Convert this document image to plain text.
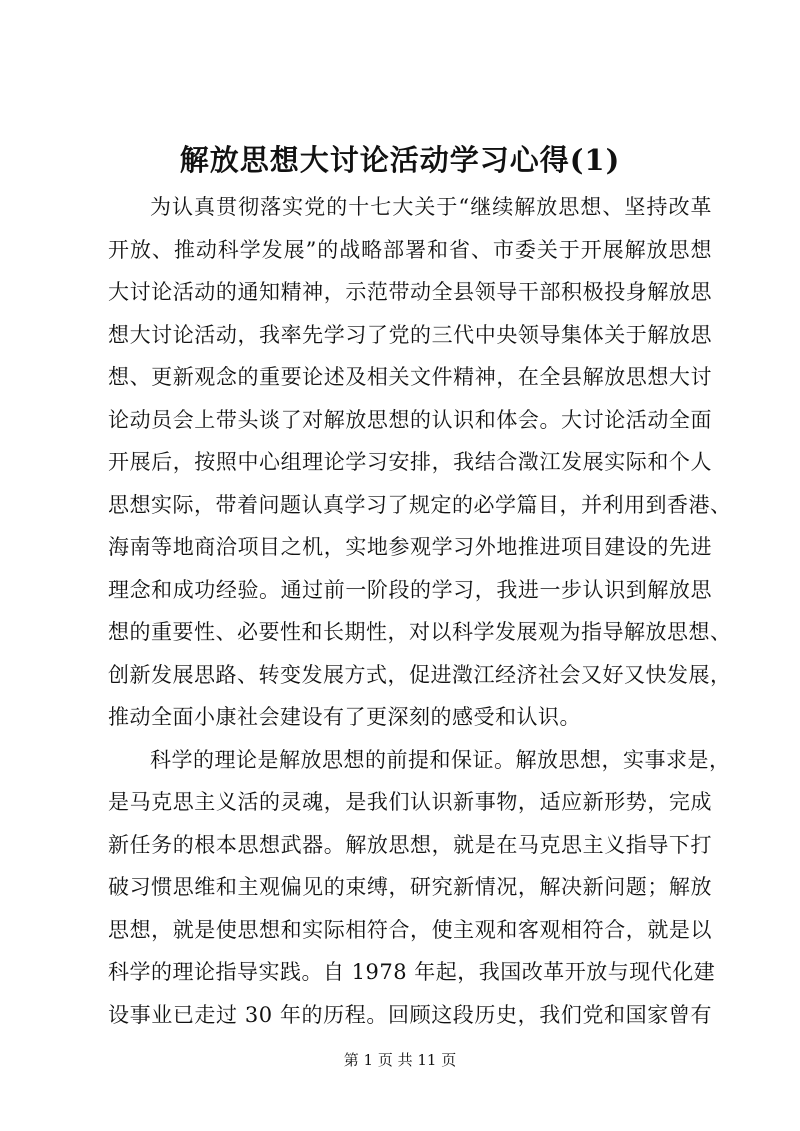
解放思想大讨论活动学习心得(1)
为认真贯彻落实党的十七大关于“继续解放思想、坚持改革
开放、推动科学发展”的战略部署和省、市委关于开展解放思想
大讨论活动的通知精神，示范带动全县领导干部积极投身解放思
想大讨论活动，我率先学习了党的三代中央领导集体关于解放思
想、更新观念的重要论述及相关文件精神，在全县解放思想大讨
论动员会上带头谈了对解放思想的认识和体会。大讨论活动全面
开展后，按照中心组理论学习安排，我结合澂江发展实际和个人
思想实际，带着问题认真学习了规定的必学篇目，并利用到香港、
海南等地商洽项目之机，实地参观学习外地推进项目建设的先进
理念和成功经验。通过前一阶段的学习，我进一步认识到解放思
想的重要性、必要性和长期性，对以科学发展观为指导解放思想、
创新发展思路、转变发展方式，促进澂江经济社会又好又快发展，
推动全面小康社会建设有了更深刻的感受和认识。
科学的理论是解放思想的前提和保证。解放思想，实事求是，
是马克思主义活的灵魂，是我们认识新事物，适应新形势，完成
新任务的根本思想武器。解放思想，就是在马克思主义指导下打
破习惯思维和主观偏见的束缚，研究新情况，解决新问题；解放
思想，就是使思想和实际相符合，使主观和客观相符合，就是以
科学的理论指导实践。自 1978 年起，我国改革开放与现代化建
设事业已走过 30 年的历程。回顾这段历史，我们党和国家曾有
第 1 页 共 11 页
